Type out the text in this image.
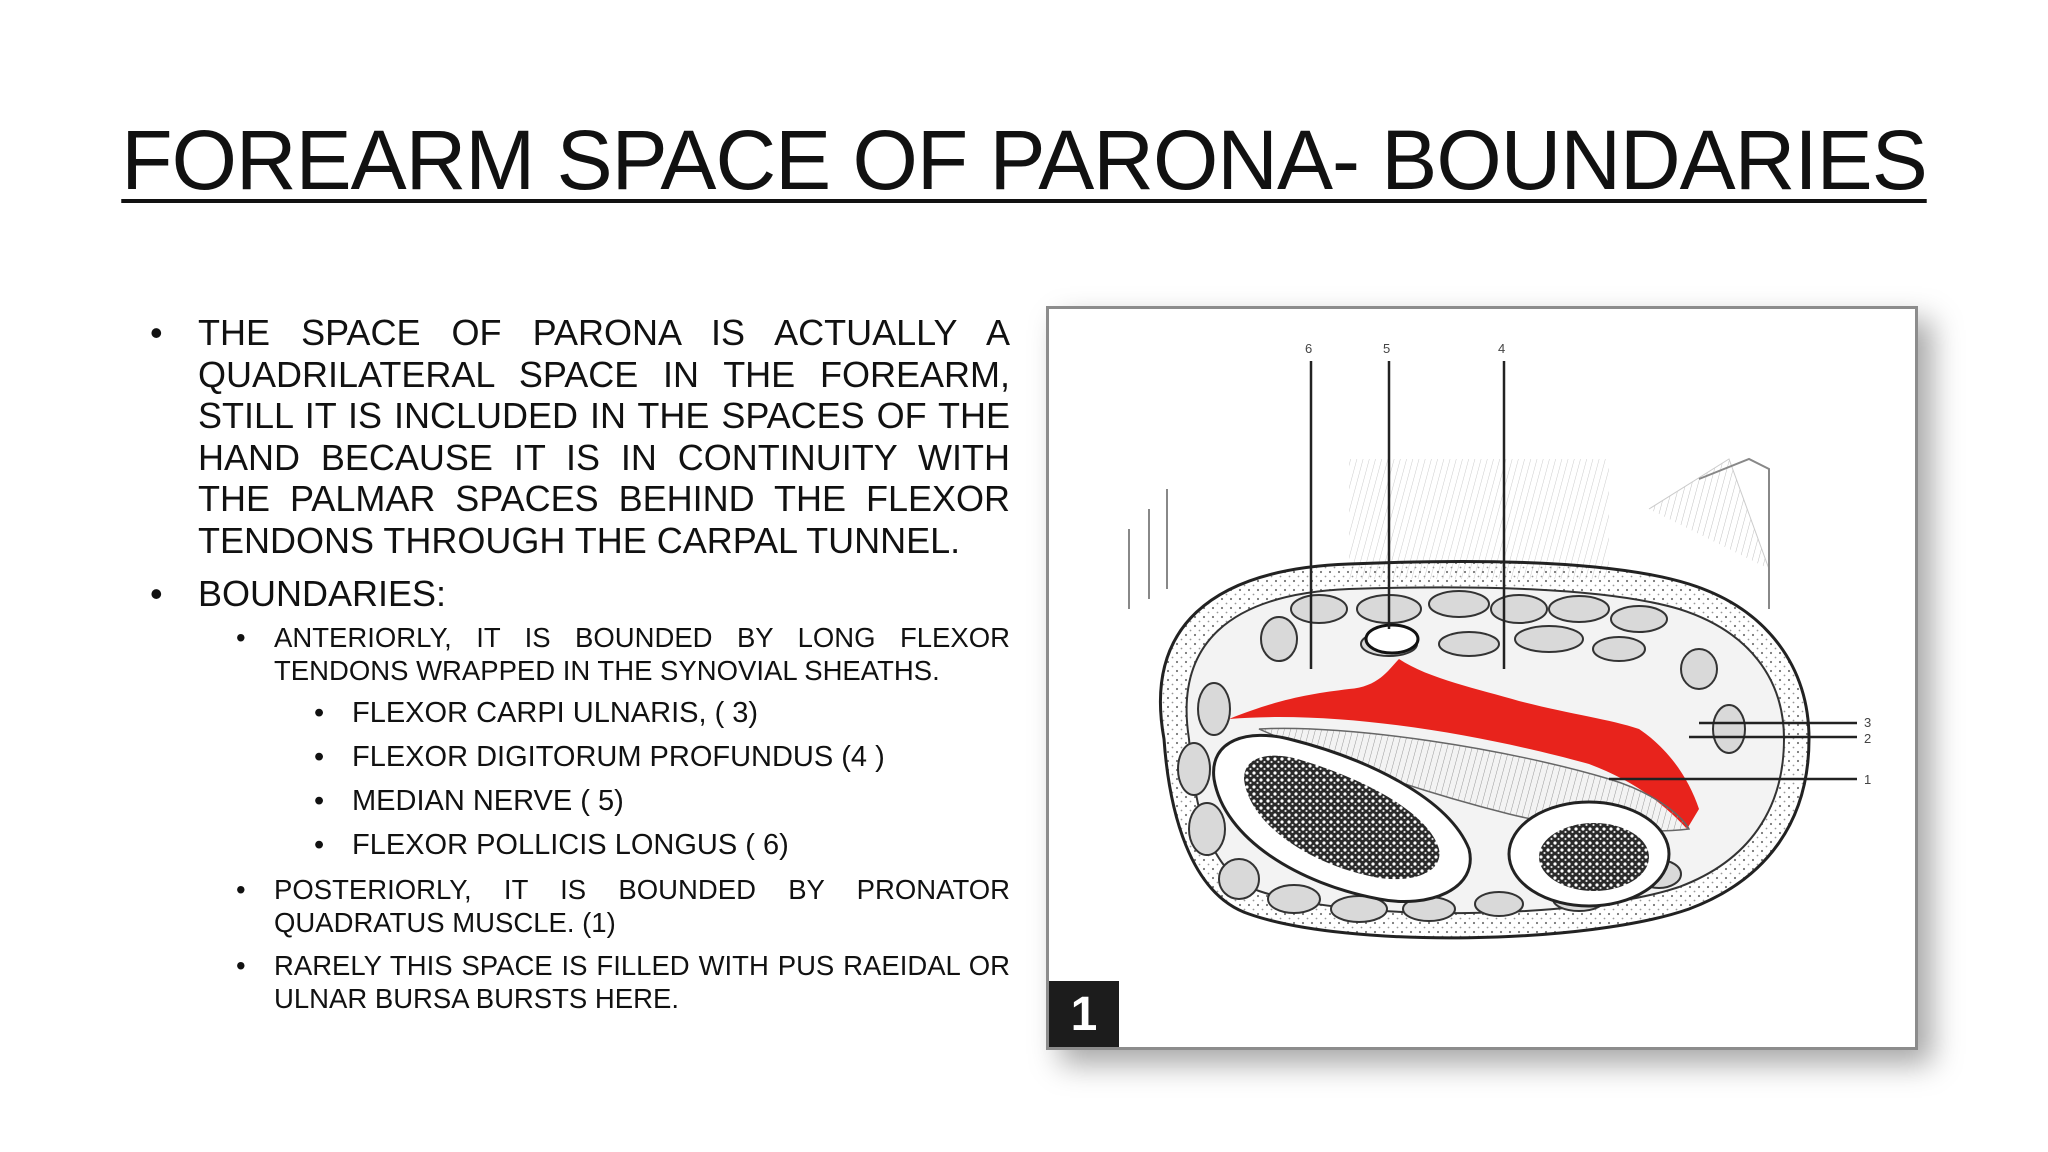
FOREARM SPACE OF PARONA- BOUNDARIES
• THE SPACE OF PARONA IS ACTUALLY A QUADRILATERAL SPACE IN THE FOREARM, STILL IT IS INCLUDED IN THE SPACES OF THE HAND BECAUSE IT IS IN CONTINUITY WITH THE PALMAR SPACES BEHIND THE FLEXOR TENDONS THROUGH THE CARPAL TUNNEL.
• BOUNDARIES:
• ANTERIORLY, IT IS BOUNDED BY LONG FLEXOR TENDONS WRAPPED IN THE SYNOVIAL SHEATHS.
• FLEXOR CARPI ULNARIS, ( 3)
• FLEXOR DIGITORUM PROFUNDUS (4 )
• MEDIAN NERVE ( 5)
• FLEXOR POLLICIS LONGUS ( 6)
• POSTERIORLY, IT IS BOUNDED BY PRONATOR QUADRATUS MUSCLE. (1)
• RARELY THIS SPACE IS FILLED WITH PUS RAEIDAL OR ULNAR BURSA BURSTS HERE.
6	5	4
3
2
1
1
